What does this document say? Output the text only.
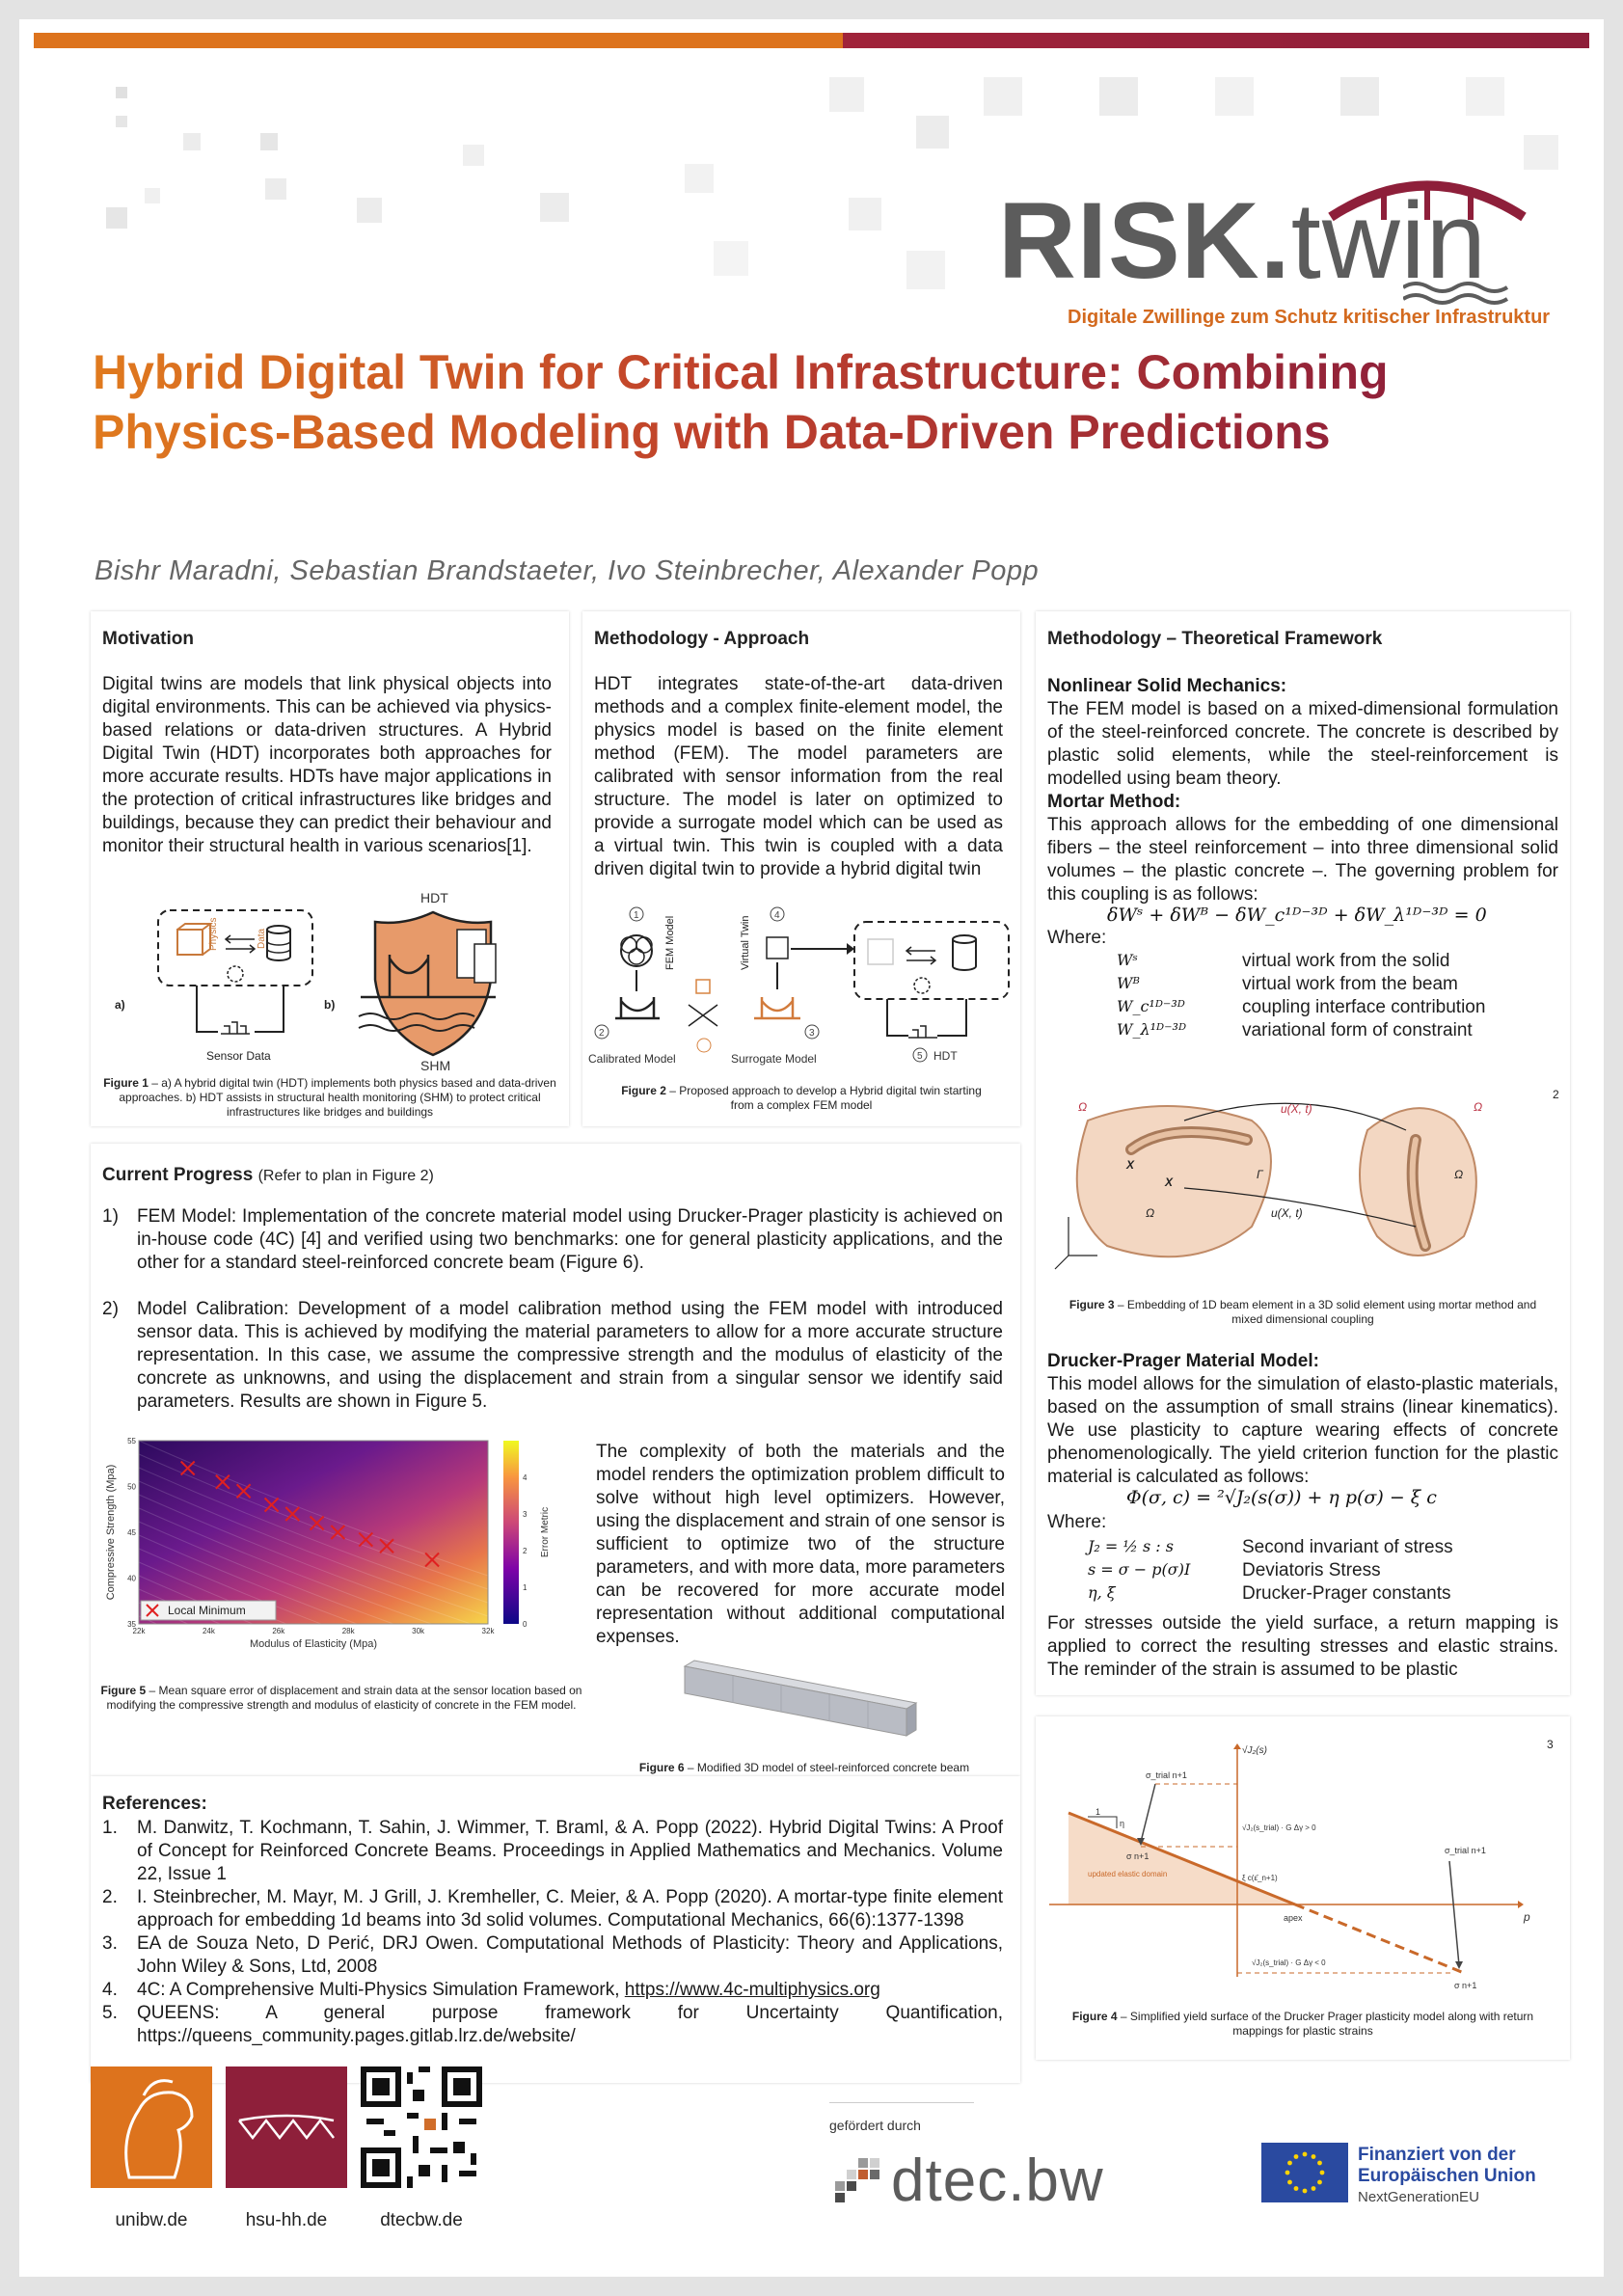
RISK.twin
Digitale Zwillinge zum Schutz kritischer Infrastruktur
Hybrid Digital Twin for Critical Infrastructure: Combining Physics-Based Modeling with Data-Driven Predictions
Bishr Maradni, Sebastian Brandstaeter, Ivo Steinbrecher, Alexander Popp
Motivation
Digital twins are models that link physical objects into digital environments. This can be achieved via physics-based relations or data-driven structures. A Hybrid Digital Twin (HDT) incorporates both approaches for more accurate results. HDTs have major applications in the protection of critical infrastructures like bridges and buildings, because they can predict their behaviour and monitor their structural health in various scenarios[1].
Physics	Data
a)
Sensor Data
b)
HDT
SHM
Figure 1 – a) A hybrid digital twin (HDT) implements both physics based and data-driven approaches. b) HDT assists in structural health monitoring (SHM) to protect critical infrastructures like bridges and buildings
Methodology - Approach
HDT integrates state-of-the-art data-driven methods and a complex finite-element model, the physics model is based on the finite element method (FEM). The model parameters are calibrated with sensor information from the real structure. The model is later on optimized to provide a surrogate model which can be used as a virtual twin. This twin is coupled with a data driven digital twin to provide a hybrid digital twin
1
FEM Model
2
Calibrated Model
4
Virtual Twin
3
Surrogate Model	5 HDT
Figure 2 – Proposed approach to develop a Hybrid digital twin starting from a complex FEM model
Methodology – Theoretical Framework
Nonlinear Solid Mechanics:
The FEM model is based on a mixed-dimensional formulation of the steel-reinforced concrete. The concrete is described by plastic solid elements, while the steel-reinforcement is modelled using beam theory.
Mortar Method:
This approach allows for the embedding of one dimensional fibers – the steel reinforcement – into three dimensional solid volumes – the plastic concrete –. The governing problem for this coupling is as follows:
δWˢ + δWᴮ − δW_c¹ᴰ⁻³ᴰ + δW_λ¹ᴰ⁻³ᴰ = 0
Where:
Wˢ	virtual work from the solid
Wᴮ	virtual work from the beam
W_c¹ᴰ⁻³ᴰ	coupling interface contribution
W_λ¹ᴰ⁻³ᴰ	variational form of constraint
2
Ω	u(X, t)
Γ
X
X
Ω	u(X, t)
Ω
Ω
Figure 3 – Embedding of 1D beam element in a 3D solid element using mortar method and mixed dimensional coupling
Drucker-Prager Material Model:
This model allows for the simulation of elasto-plastic materials, based on the assumption of small strains (linear kinematics). We use plasticity to capture wearing effects of concrete phenomenologically. The yield criterion function for the plastic material is calculated as follows:
Φ(σ, c) = ²√J₂(s(σ)) + η p(σ) − ξ c
Where:
J₂ = ½ s : s	Second invariant of stress
s = σ − p(σ)I	Deviatoris Stress
η, ξ	Drucker-Prager constants
For stresses outside the yield surface, a return mapping is applied to correct the resulting stresses and elastic strains. The reminder of the strain is assumed to be plastic
3
√J₂(s)
p
apex
updated elastic domain
1
η
σ_trial n+1
σ n+1
√J₂(s_trial) · G Δγ > 0
ξ c(ε̄_n+1)
σ_trial n+1
σ n+1
√J₂(s_trial) · G Δγ < 0
Figure 4 – Simplified yield surface of the Drucker Prager plasticity model along with return mappings for plastic strains
Current Progress (Refer to plan in Figure 2)
1) FEM Model: Implementation of the concrete material model using Drucker-Prager plasticity is achieved on in-house code (4C) [4] and verified using two benchmarks: one for general plasticity applications, and the other for a standard steel-reinforced concrete beam (Figure 6).
2) Model Calibration: Development of a model calibration method using the FEM model with introduced sensor data. This is achieved by modifying the material parameters to allow for a more accurate structure representation. In this case, we assume the compressive strength and the modulus of elasticity of the concrete as unknowns, and using the displacement and strain from a singular sensor we identify said parameters. Results are shown in Figure 5.
The complexity of both the materials and the model renders the optimization problem difficult to solve without high level optimizers. However, using the displacement and strain of one sensor is sufficient to optimize two of the structure parameters, and with more data, more parameters can be recovered for more accurate model representation without additional computational expenses.
22k	24k	26k	28k	30k	32k
35
40
45
50
55
Modulus of Elasticity (Mpa)
Compressive Strength (Mpa)
0
1
2
3
4
Error Metric
Local Minimum
Figure 5 – Mean square error of displacement and strain data at the sensor location based on modifying the compressive strength and modulus of elasticity of concrete in the FEM model.
Figure 6 – Modified 3D model of steel-reinforced concrete beam
References:
1. M. Danwitz, T. Kochmann, T. Sahin, J. Wimmer, T. Braml, & A. Popp (2022). Hybrid Digital Twins: A Proof of Concept for Reinforced Concrete Beams. Proceedings in Applied Mathematics and Mechanics. Volume 22, Issue 1
2. I. Steinbrecher, M. Mayr, M. J Grill, J. Kremheller, C. Meier, & A. Popp (2020). A mortar-type finite element approach for embedding 1d beams into 3d solid volumes. Computational Mechanics, 66(6):1377-1398
3. EA de Souza Neto, D Perić, DRJ Owen. Computational Methods of Plasticity: Theory and Applications, John Wiley & Sons, Ltd, 2008
4. 4C: A Comprehensive Multi-Physics Simulation Framework, https://www.4c-multiphysics.org
5. QUEENS: A general purpose framework for Uncertainty Quantification, https://queens_community.pages.gitlab.lrz.de/website/
unibw.de	hsu-hh.de	dtecbw.de
gefördert durch
dtec.bw	Finanziert von der
Europäischen Union
NextGenerationEU
